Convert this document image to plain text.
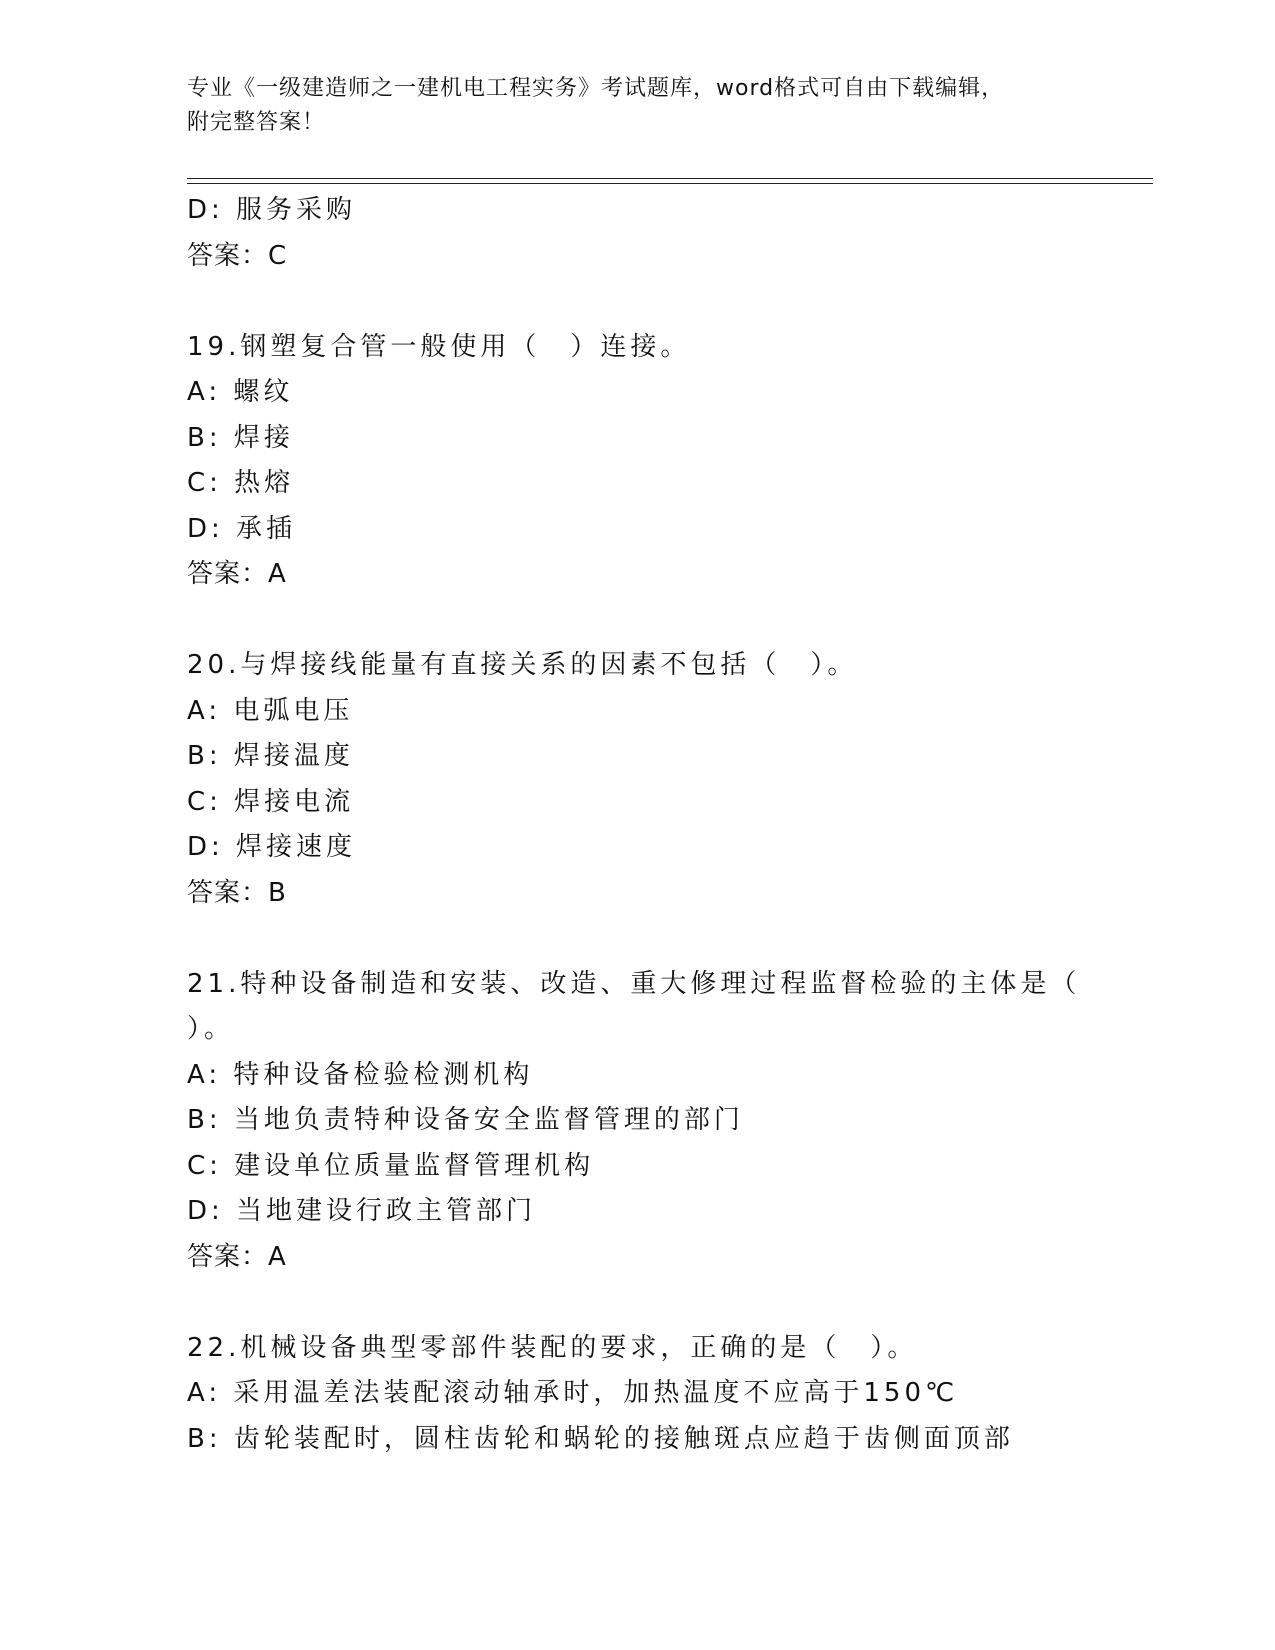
专业《一级建造师之一建机电工程实务》考试题库，word格式可自由下载编辑，
附完整答案！
D: 服务采购
答案：C
19.钢塑复合管一般使用（　）连接。
A: 螺纹
B: 焊接
C: 热熔
D: 承插
答案：A
20.与焊接线能量有直接关系的因素不包括（　）。
A: 电弧电压
B: 焊接温度
C: 焊接电流
D: 焊接速度
答案：B
21.特种设备制造和安装、改造、重大修理过程监督检验的主体是（
）。
A: 特种设备检验检测机构
B: 当地负责特种设备安全监督管理的部门
C: 建设单位质量监督管理机构
D: 当地建设行政主管部门
答案：A
22.机械设备典型零部件装配的要求，正确的是（　）。
A: 采用温差法装配滚动轴承时，加热温度不应高于150℃
B: 齿轮装配时，圆柱齿轮和蜗轮的接触斑点应趋于齿侧面顶部
